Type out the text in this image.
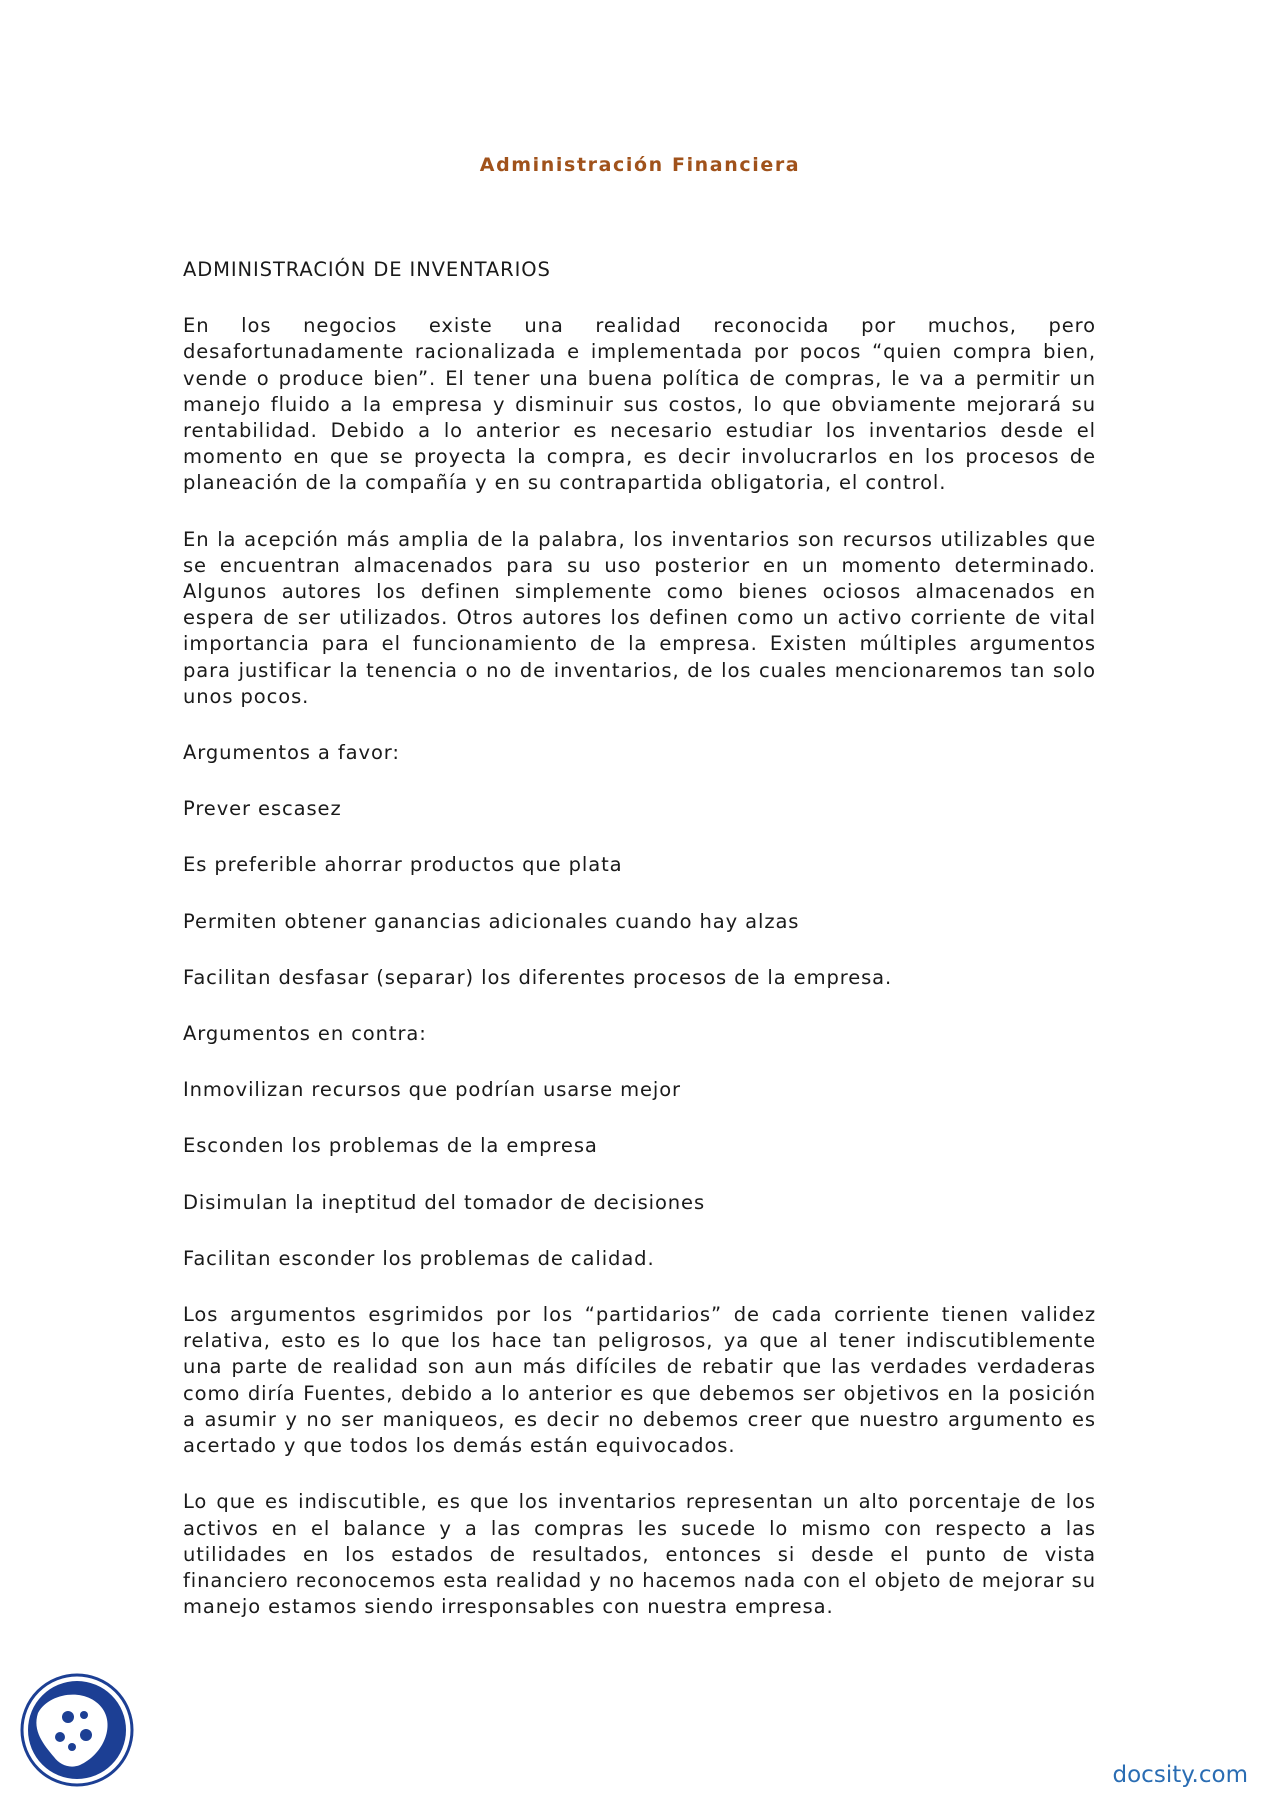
Administración Financiera

ADMINISTRACIÓN DE INVENTARIOS

En los negocios existe una realidad reconocida por muchos, pero desafortunadamente racionalizada e implementada por pocos “quien compra bien, vende o produce bien”. El tener una buena política de compras, le va a permitir un manejo fluido a la empresa y disminuir sus costos, lo que obviamente mejorará su rentabilidad. Debido a lo anterior es necesario estudiar los inventarios desde el momento en que se proyecta la compra, es decir involucrarlos en los procesos de planeación de la compañía y en su contrapartida obligatoria, el control.

En la acepción más amplia de la palabra, los inventarios son recursos utilizables que se encuentran almacenados para su uso posterior en un momento determinado. Algunos autores los definen simplemente como bienes ociosos almacenados en espera de ser utilizados. Otros autores los definen como un activo corriente de vital importancia para el funcionamiento de la empresa. Existen múltiples argumentos para justificar la tenencia o no de inventarios, de los cuales mencionaremos tan solo unos pocos.

Argumentos a favor:

Prever escasez

Es preferible ahorrar productos que plata

Permiten obtener ganancias adicionales cuando hay alzas

Facilitan desfasar (separar) los diferentes procesos de la empresa.

Argumentos en contra:

Inmovilizan recursos que podrían usarse mejor

Esconden los problemas de la empresa

Disimulan la ineptitud del tomador de decisiones

Facilitan esconder los problemas de calidad.

Los argumentos esgrimidos por los “partidarios” de cada corriente tienen validez relativa, esto es lo que los hace tan peligrosos, ya que al tener indiscutiblemente una parte de realidad son aun más difíciles de rebatir que las verdades verdaderas como diría Fuentes, debido a lo anterior es que debemos ser objetivos en la posición a asumir y no ser maniqueos, es decir no debemos creer que nuestro argumento es acertado y que todos los demás están equivocados.

Lo que es indiscutible, es que los inventarios representan un alto porcentaje de los activos en el balance y a las compras les sucede lo mismo con respecto a las utilidades en los estados de resultados, entonces si desde el punto de vista financiero reconocemos esta realidad y no hacemos nada con el objeto de mejorar su manejo estamos siendo irresponsables con nuestra empresa.

docsity.com
